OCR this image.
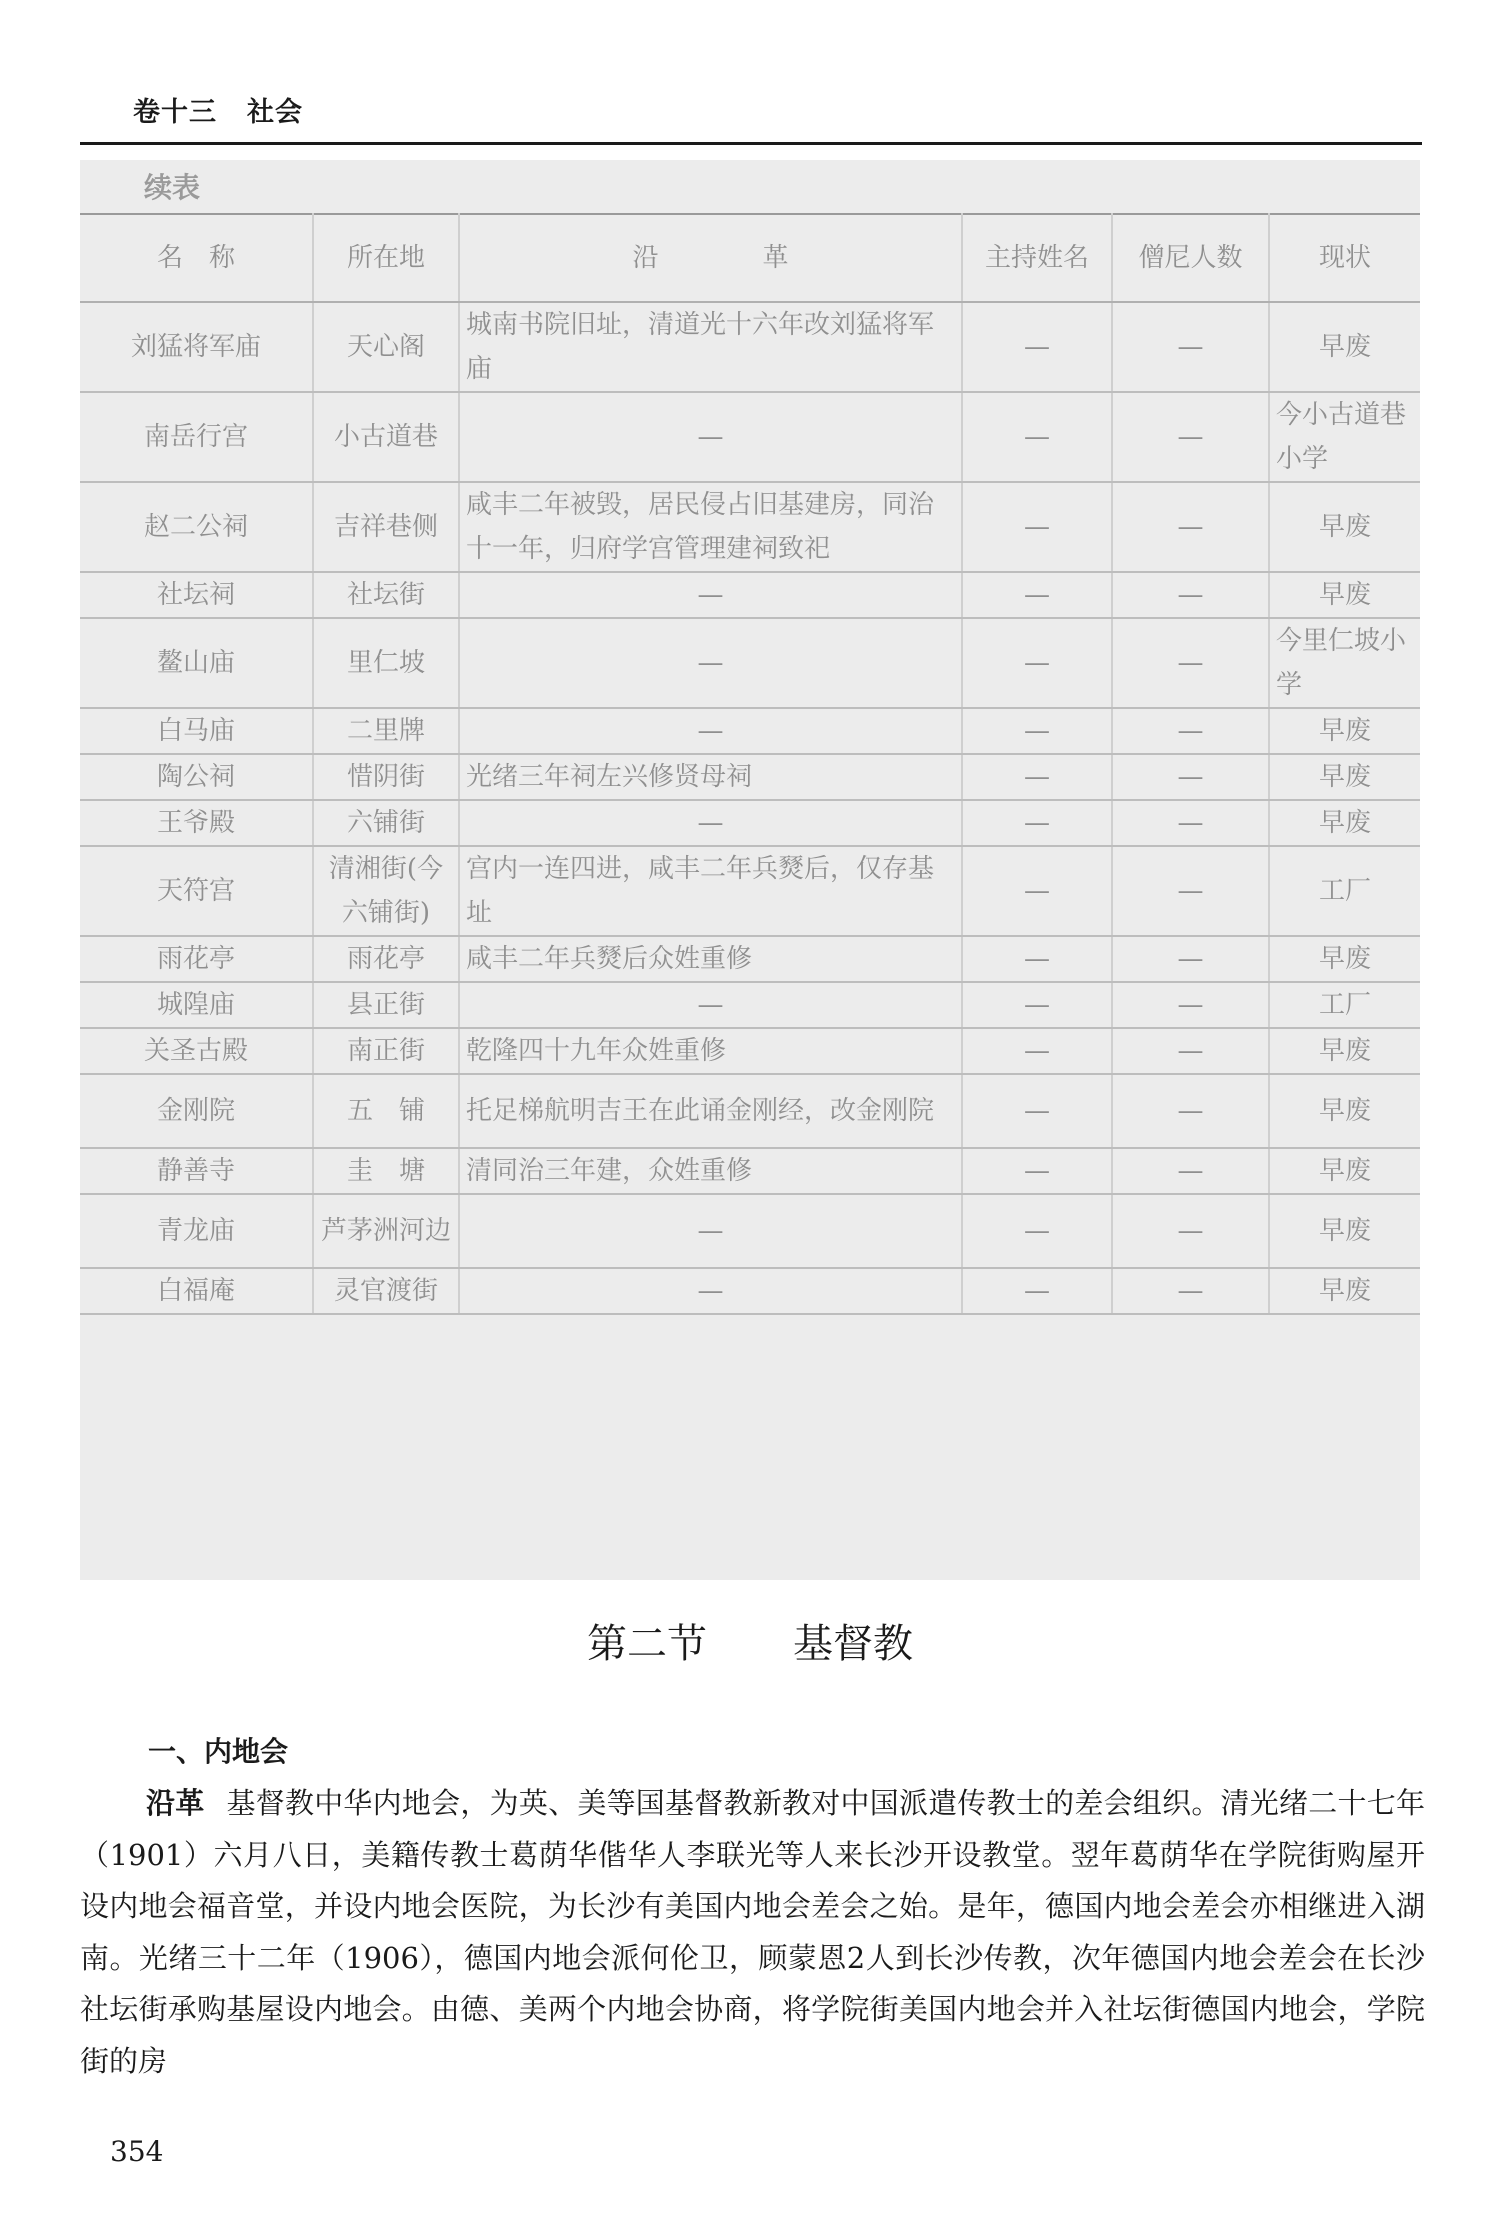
卷十三 社会
续表
名　称	所在地	沿　　　　革	主持姓名	僧尼人数	现状
刘猛将军庙	天心阁	城南书院旧址，清道光十六年改刘猛将军庙	—	—	早废
南岳行宫	小古道巷	—	—	—	今小古道巷小学
赵二公祠	吉祥巷侧	咸丰二年被毁，居民侵占旧基建房，同治十一年，归府学宫管理建祠致祀	—	—	早废
社坛祠	社坛街	—	—	—	早废
鳌山庙	里仁坡	—	—	—	今里仁坡小学
白马庙	二里牌	—	—	—	早废
陶公祠	惜阴街	光绪三年祠左兴修贤母祠	—	—	早废
王爷殿	六铺街	—	—	—	早废
天符宫	清湘街(今六铺街)	宫内一连四进，咸丰二年兵燹后，仅存基址	—	—	工厂
雨花亭	雨花亭	咸丰二年兵燹后众姓重修	—	—	早废
城隍庙	县正街	—	—	—	工厂
关圣古殿	南正街	乾隆四十九年众姓重修	—	—	早废
金刚院	五　铺	托足梯航明吉王在此诵金刚经，改金刚院	—	—	早废
静善寺	圭　塘	清同治三年建，众姓重修	—	—	早废
青龙庙	芦茅洲河边	—	—	—	早废
白福庵	灵官渡街	—	—	—	早废
第二节 基督教
一、内地会

沿革 基督教中华内地会，为英、美等国基督教新教对中国派遣传教士的差会组织。清光绪二十七年（1901）六月八日，美籍传教士葛荫华偕华人李联光等人来长沙开设教堂。翌年葛荫华在学院街购屋开设内地会福音堂，并设内地会医院，为长沙有美国内地会差会之始。是年，德国内地会差会亦相继进入湖南。光绪三十二年（1906），德国内地会派何伦卫，顾蒙恩2人到长沙传教，次年德国内地会差会在长沙社坛街承购基屋设内地会。由德、美两个内地会协商，将学院街美国内地会并入社坛街德国内地会，学院街的房

354
